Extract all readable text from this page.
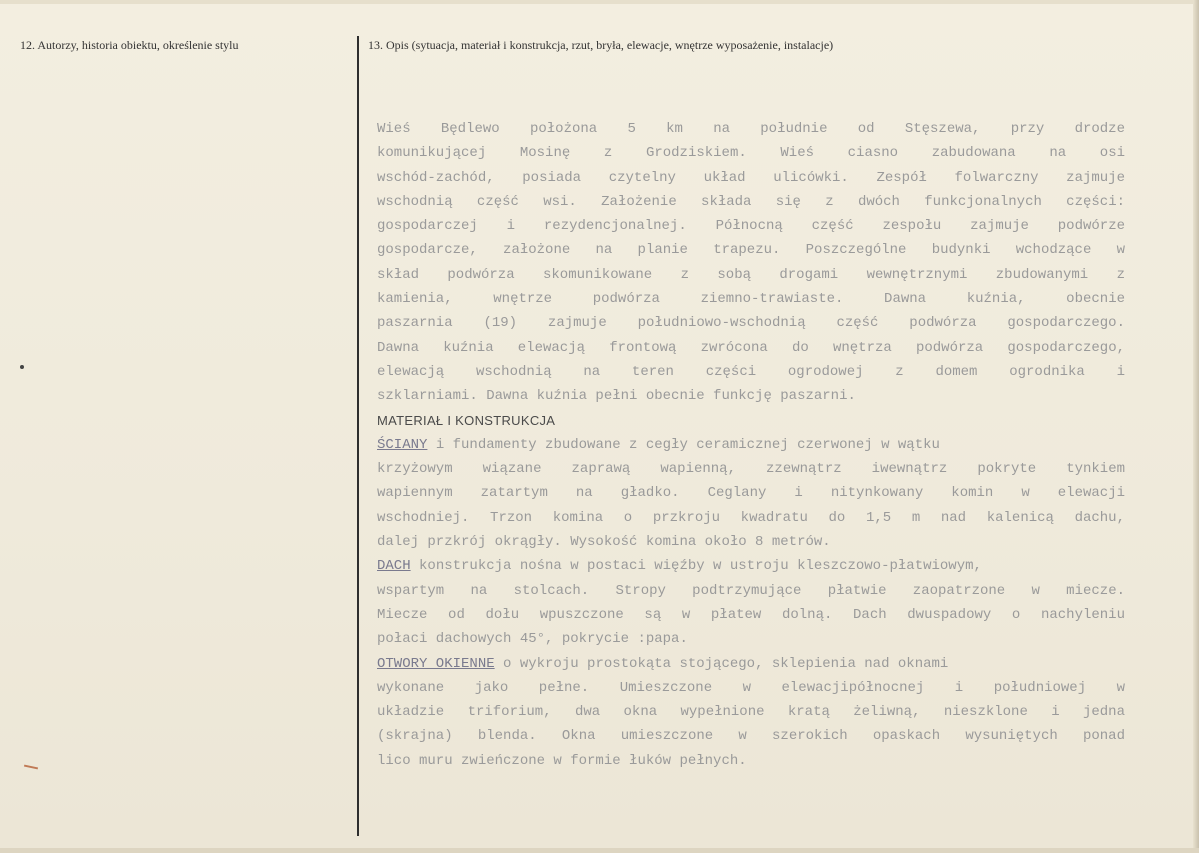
12. Autorzy, historia obiektu, określenie stylu	13. Opis (sytuacja, materiał i konstrukcja, rzut, bryła, elewacje, wnętrze wyposażenie, instalacje)
Wieś Będlewo położona 5 km na południe od Stęszewa, przy drodze
komunikującej Mosinę z Grodziskiem. Wieś ciasno zabudowana na osi
wschód-zachód, posiada czytelny układ ulicówki. Zespół folwarczny zajmuje
wschodnią część wsi. Założenie składa się z dwóch funkcjonalnych części:
gospodarczej i rezydencjonalnej. Północną część zespołu zajmuje podwórze
gospodarcze, założone na planie trapezu. Poszczególne budynki wchodzące w
skład podwórza skomunikowane z sobą drogami wewnętrznymi zbudowanymi z
kamienia, wnętrze podwórza ziemno-trawiaste. Dawna kuźnia, obecnie
paszarnia (19) zajmuje południowo-wschodnią część podwórza gospodarczego.
Dawna kuźnia elewacją frontową zwrócona do wnętrza podwórza gospodarczego,
elewacją wschodnią na teren części ogrodowej z domem ogrodnika i
szklarniami. Dawna kuźnia pełni obecnie funkcję paszarni.
MATERIAŁ I KONSTRUKCJA
ŚCIANY i fundamenty zbudowane z cegły ceramicznej czerwonej w wątku
krzyżowym wiązane zaprawą wapienną, zzewnątrz iwewnątrz pokryte tynkiem
wapiennym zatartym na gładko. Ceglany i nitynkowany komin w elewacji
wschodniej. Trzon komina o przkroju kwadratu do 1,5 m nad kalenicą dachu,
dalej przkrój okrągły. Wysokość komina około 8 metrów.
DACH konstrukcja nośna w postaci więźby w ustroju kleszczowo-płatwiowym,
wspartym na stolcach. Stropy podtrzymujące płatwie zaopatrzone w miecze.
Miecze od dołu wpuszczone są w płatew dolną. Dach dwuspadowy o nachyleniu
połaci dachowych 45°, pokrycie :papa.
OTWORY OKIENNE o wykroju prostokąta stojącego, sklepienia nad oknami
wykonane jako pełne. Umieszczone w elewacjipółnocnej i południowej w
układzie triforium, dwa okna wypełnione kratą żeliwną, nieszklone i jedna
(skrajna) blenda. Okna umieszczone w szerokich opaskach wysuniętych ponad
lico muru zwieńczone w formie łuków pełnych.
